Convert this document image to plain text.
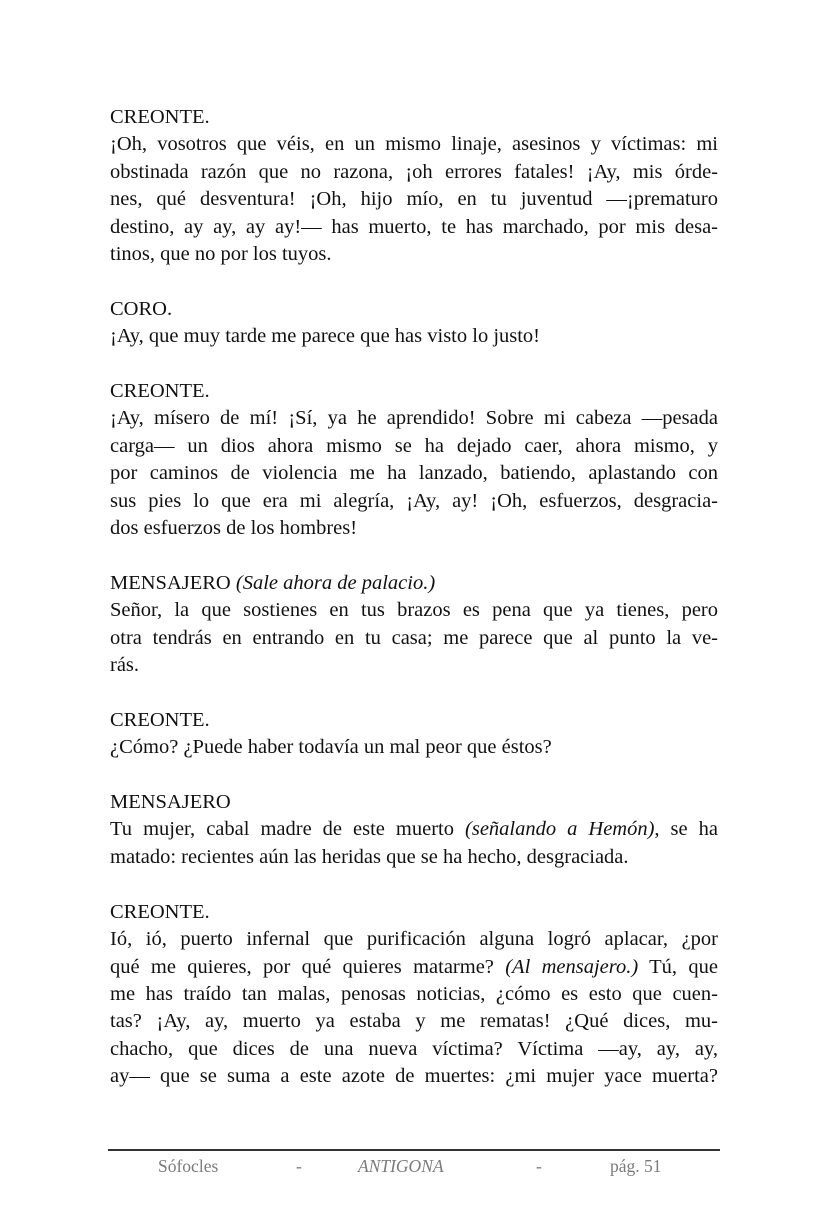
CREONTE.
¡Oh, vosotros que véis, en un mismo linaje, asesinos y víctimas: mi
obstinada razón que no razona, ¡oh errores fatales! ¡Ay, mis órde-
nes, qué desventura! ¡Oh, hijo mío, en tu juventud —¡prematuro
destino, ay ay, ay ay!— has muerto, te has marchado, por mis desa-
tinos, que no por los tuyos.
CORO.
¡Ay, que muy tarde me parece que has visto lo justo!
CREONTE.
¡Ay, mísero de mí! ¡Sí, ya he aprendido! Sobre mi cabeza —pesada
carga— un dios ahora mismo se ha dejado caer, ahora mismo, y
por caminos de violencia me ha lanzado, batiendo, aplastando con
sus pies lo que era mi alegría, ¡Ay, ay! ¡Oh, esfuerzos, desgracia-
dos esfuerzos de los hombres!
MENSAJERO (Sale ahora de palacio.)
Señor, la que sostienes en tus brazos es pena que ya tienes, pero
otra tendrás en entrando en tu casa; me parece que al punto la ve-
rás.
CREONTE.
¿Cómo? ¿Puede haber todavía un mal peor que éstos?
MENSAJERO
Tu mujer, cabal madre de este muerto (señalando a Hemón), se ha
matado: recientes aún las heridas que se ha hecho, desgraciada.
CREONTE.
Ió, ió, puerto infernal que purificación alguna logró aplacar, ¿por
qué me quieres, por qué quieres matarme? (Al mensajero.) Tú, que
me has traído tan malas, penosas noticias, ¿cómo es esto que cuen-
tas? ¡Ay, ay, muerto ya estaba y me rematas! ¿Qué dices, mu-
chacho, que dices de una nueva víctima? Víctima —ay, ay, ay,
ay— que se suma a este azote de muertes: ¿mi mujer yace muerta?
Sófocles	-	ANTIGONA	-	pág. 51
